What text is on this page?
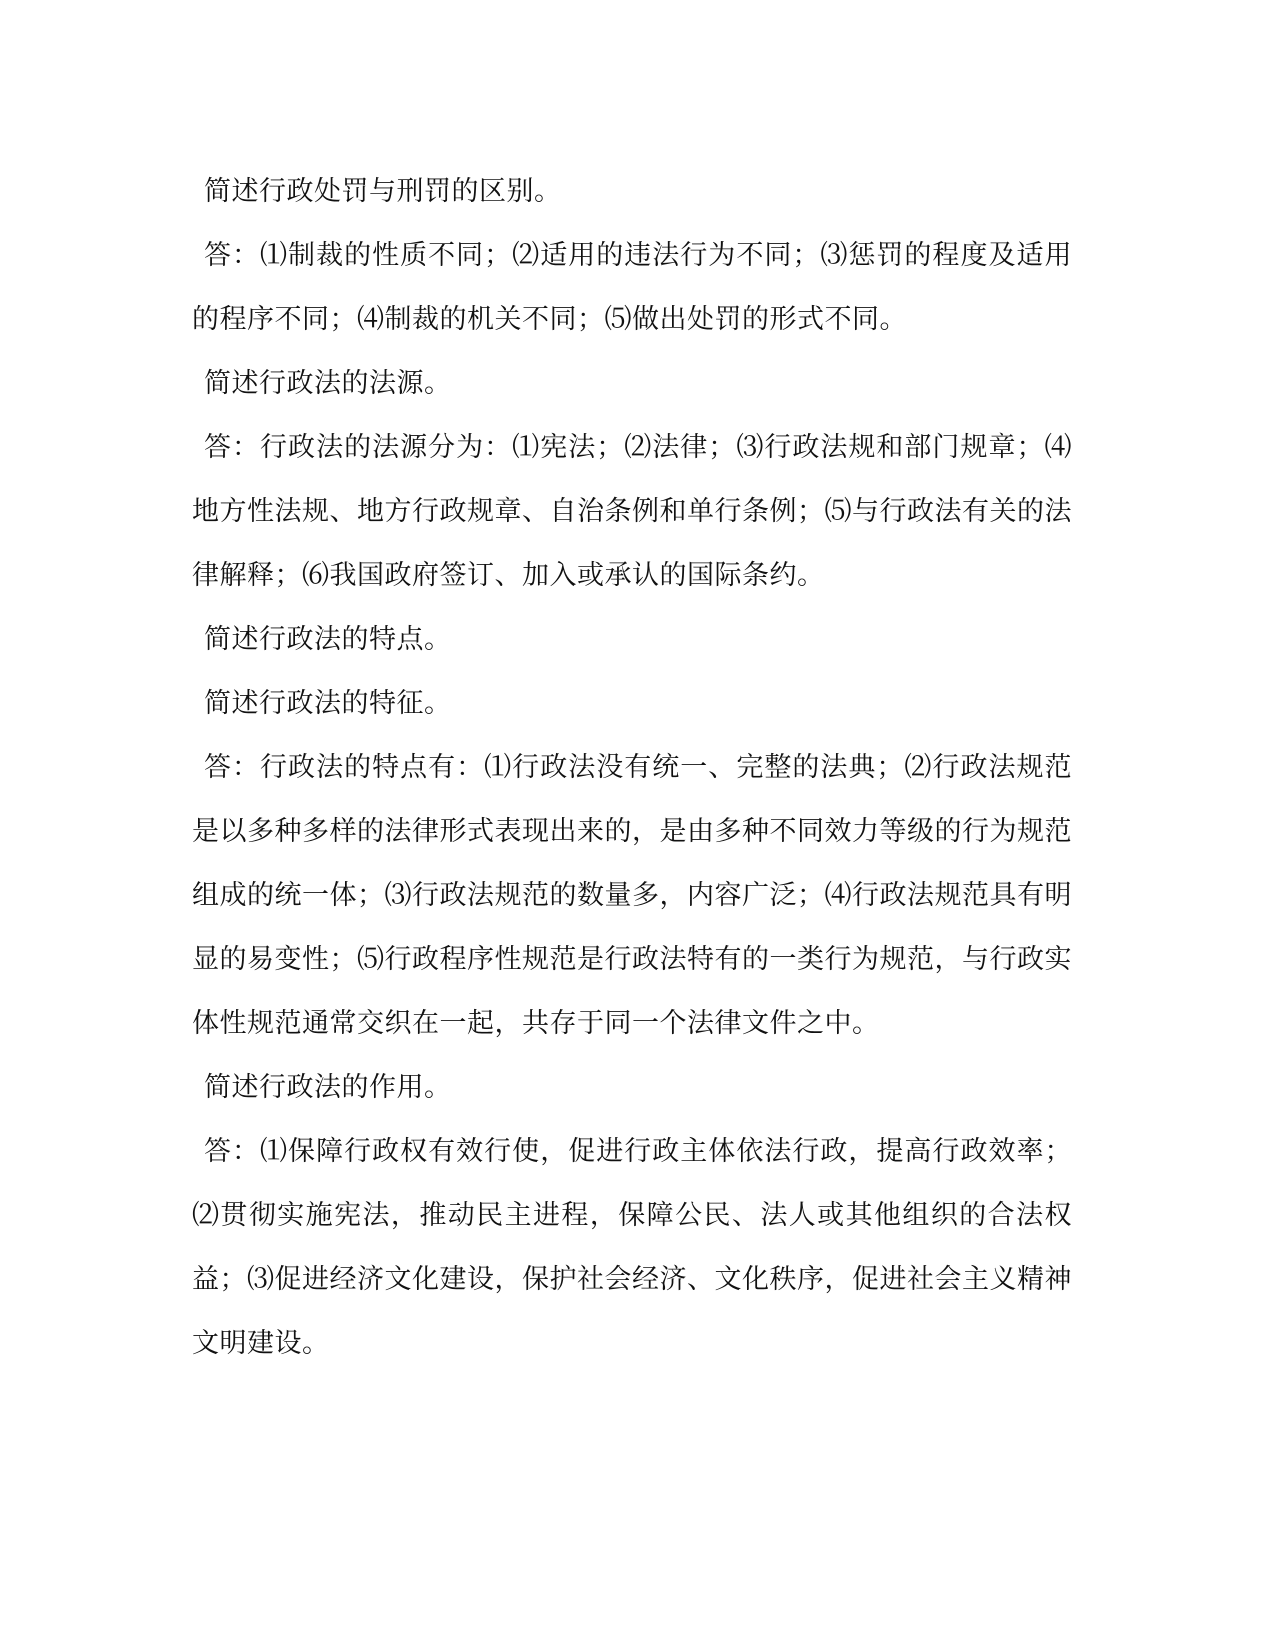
简述行政处罚与刑罚的区别。

答：⑴制裁的性质不同；⑵适用的违法行为不同；⑶惩罚的程度及适用的程序不同；⑷制裁的机关不同；⑸做出处罚的形式不同。

简述行政法的法源。

答：行政法的法源分为：⑴宪法；⑵法律；⑶行政法规和部门规章；⑷地方性法规、地方行政规章、自治条例和单行条例；⑸与行政法有关的法律解释；⑹我国政府签订、加入或承认的国际条约。

简述行政法的特点。

简述行政法的特征。

答：行政法的特点有：⑴行政法没有统一、完整的法典；⑵行政法规范是以多种多样的法律形式表现出来的，是由多种不同效力等级的行为规范组成的统一体；⑶行政法规范的数量多，内容广泛；⑷行政法规范具有明显的易变性；⑸行政程序性规范是行政法特有的一类行为规范，与行政实体性规范通常交织在一起，共存于同一个法律文件之中。

简述行政法的作用。

答：⑴保障行政权有效行使，促进行政主体依法行政，提高行政效率；⑵贯彻实施宪法，推动民主进程，保障公民、法人或其他组织的合法权益；⑶促进经济文化建设，保护社会经济、文化秩序，促进社会主义精神文明建设。
